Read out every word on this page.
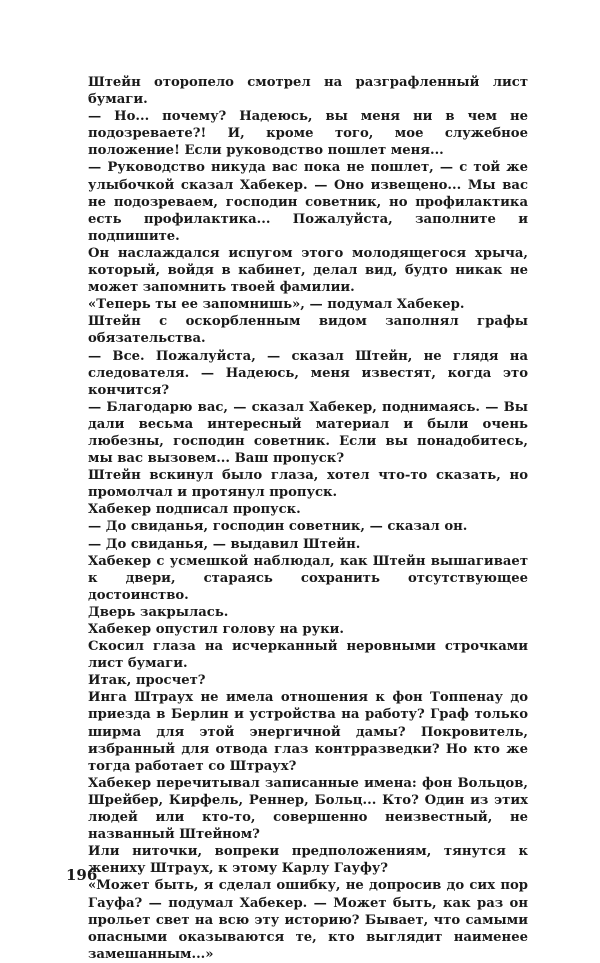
Штейн оторопело смотрел на разграфленный лист бумаги.

— Но... почему? Надеюсь, вы меня ни в чем не подозреваете?! И, кроме того, мое служебное положение! Если руководство пошлет меня...

— Руководство никуда вас пока не пошлет, — с той же улыбочкой сказал Хабекер. — Оно извещено... Мы вас не подозреваем, господин советник, но профилактика есть профилактика... Пожалуйста, заполните и подпишите.

Он наслаждался испугом этого молодящегося хрыча, который, войдя в кабинет, делал вид, будто никак не может запомнить твоей фамилии.

«Теперь ты ее запомнишь», — подумал Хабекер.

Штейн с оскорбленным видом заполнял графы обязательства.

— Все. Пожалуйста, — сказал Штейн, не глядя на следователя. — Надеюсь, меня известят, когда это кончится?

— Благодарю вас, — сказал Хабекер, поднимаясь. — Вы дали весьма интересный материал и были очень любезны, господин советник. Если вы понадобитесь, мы вас вызовем... Ваш пропуск?

Штейн вскинул было глаза, хотел что-то сказать, но промолчал и протянул пропуск.

Хабекер подписал пропуск.

— До свиданья, господин советник, — сказал он.

— До свиданья, — выдавил Штейн.

Хабекер с усмешкой наблюдал, как Штейн вышагивает к двери, стараясь сохранить отсутствующее достоинство.

Дверь закрылась.

Хабекер опустил голову на руки.

Скосил глаза на исчерканный неровными строчками лист бумаги.

Итак, просчет?

Инга Штраух не имела отношения к фон Топпенау до приезда в Берлин и устройства на работу? Граф только ширма для этой энергичной дамы? Покровитель, избранный для отвода глаз контрразведки? Но кто же тогда работает со Штраух?

Хабекер перечитывал записанные имена: фон Вольцов, Шрейбер, Кирфель, Реннер, Больц... Кто? Один из этих людей или кто-то, совершенно неизвестный, не названный Штейном?

Или ниточки, вопреки предположениям, тянутся к жениху Штраух, к этому Карлу Гауфу?

«Может быть, я сделал ошибку, не допросив до сих пор Гауфа? — подумал Хабекер. — Может быть, как раз он прольет свет на всю эту историю? Бывает, что самыми опасными оказываются те, кто выглядит наименее замешанным...»

196
